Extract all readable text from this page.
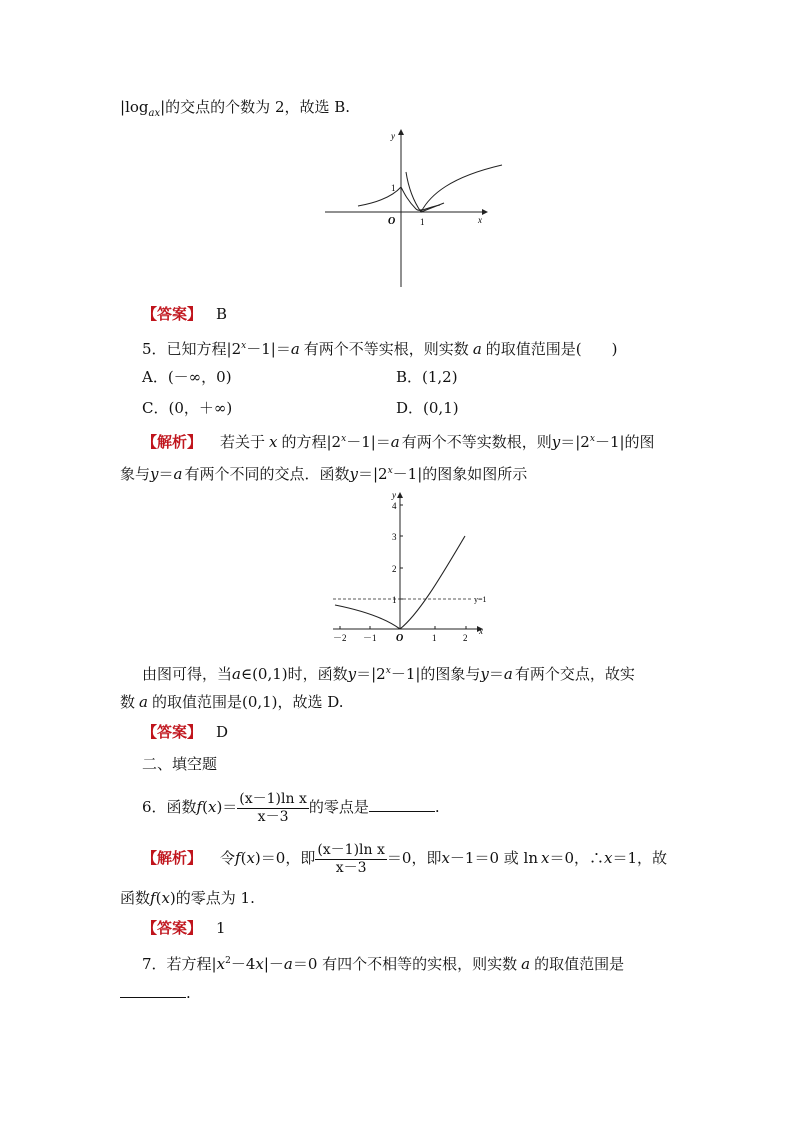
$|\log_{ax}|$的交点的个数为 2，故选 B.
y
x
O	1
1
【答案】 B
5．已知方程$|2^x-1|=a$ 有两个不等实根，则实数 a 的取值范围是(　　)
A．(－∞，0)	B．(1,2)
C．(0，＋∞)	D．(0,1)
【解析】 若关于 x 的方程$|2^x-1|=a$ 有两个不等实数根，则$y=|2^x-1|$的图
象与y＝a 有两个不同的交点．函数$y=|2^x-1|$的图象如图所示
y
x
O
－2 －1	1	2
1
2
3
4
y=1
由图可得，当a∈(0,1)时，函数$y=|2^x-1|$的图象与y＝a 有两个交点，故实
数 a 的取值范围是(0,1)，故选 D.
【答案】 D
二、填空题
6．函数$f(x)= \frac{\text{(x－1)ln x}}{x-3}$ 的零点是	.
【解析】 令f(x)＝0，即 $\frac{\text{(x－1)ln x}}{x-3} =0$，即x－1＝0 或 ln x＝0，∴x＝1，故
函数f(x)的零点为 1.
【答案】 1
7．若方程$|x^2-4x|-a=0$ 有四个不相等的实根，则实数 a 的取值范围是
.
